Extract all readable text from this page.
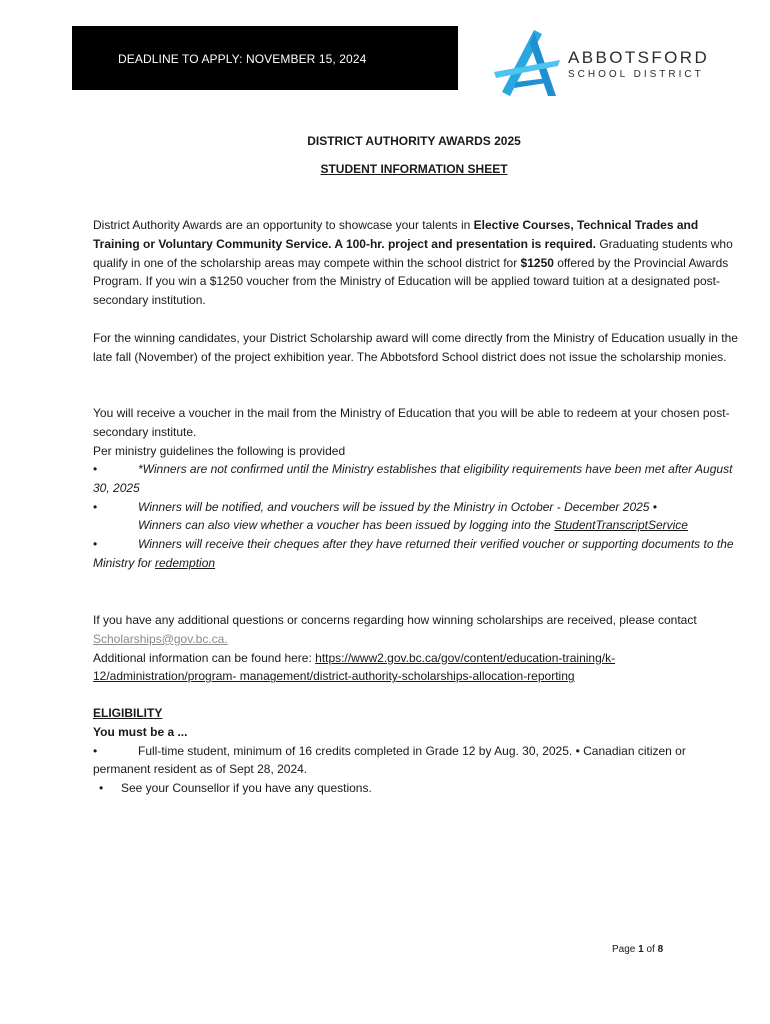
DEADLINE TO APPLY: NOVEMBER 15, 2024	ABBOTSFORD
SCHOOL DISTRICT
DISTRICT AUTHORITY AWARDS 2025
STUDENT INFORMATION SHEET
District Authority Awards are an opportunity to showcase your talents in Elective Courses, Technical Trades and Training or Voluntary Community Service. A 100-hr. project and presentation is required. Graduating students who qualify in one of the scholarship areas may compete within the school district for $1250 offered by the Provincial Awards Program. If you win a $1250 voucher from the Ministry of Education will be applied toward tuition at a designated post-secondary institution.
For the winning candidates, your District Scholarship award will come directly from the Ministry of Education usually in the late fall (November) of the project exhibition year. The Abbotsford School district does not issue the scholarship monies.
You will receive a voucher in the mail from the Ministry of Education that you will be able to redeem at your chosen post-secondary institute.
Per ministry guidelines the following is provided
•	*Winners are not confirmed until the Ministry establishes that eligibility requirements have been met after August 30, 2025
•	Winners will be notified, and vouchers will be issued by the Ministry in October - December 2025 •
Winners can also view whether a voucher has been issued by logging into the StudentTranscriptService
•	Winners will receive their cheques after they have returned their verified voucher or supporting documents to the Ministry for redemption
If you have any additional questions or concerns regarding how winning scholarships are received, please contact Scholarships@gov.bc.ca.
Additional information can be found here: https://www2.gov.bc.ca/gov/content/education-training/k-12/administration/program- management/district-authority-scholarships-allocation-reporting
ELIGIBILITY
You must be a ...
•	Full-time student, minimum of 16 credits completed in Grade 12 by Aug. 30, 2025. • Canadian citizen or permanent resident as of Sept 28, 2024.
• See your Counsellor if you have any questions.
Page 1 of 8
